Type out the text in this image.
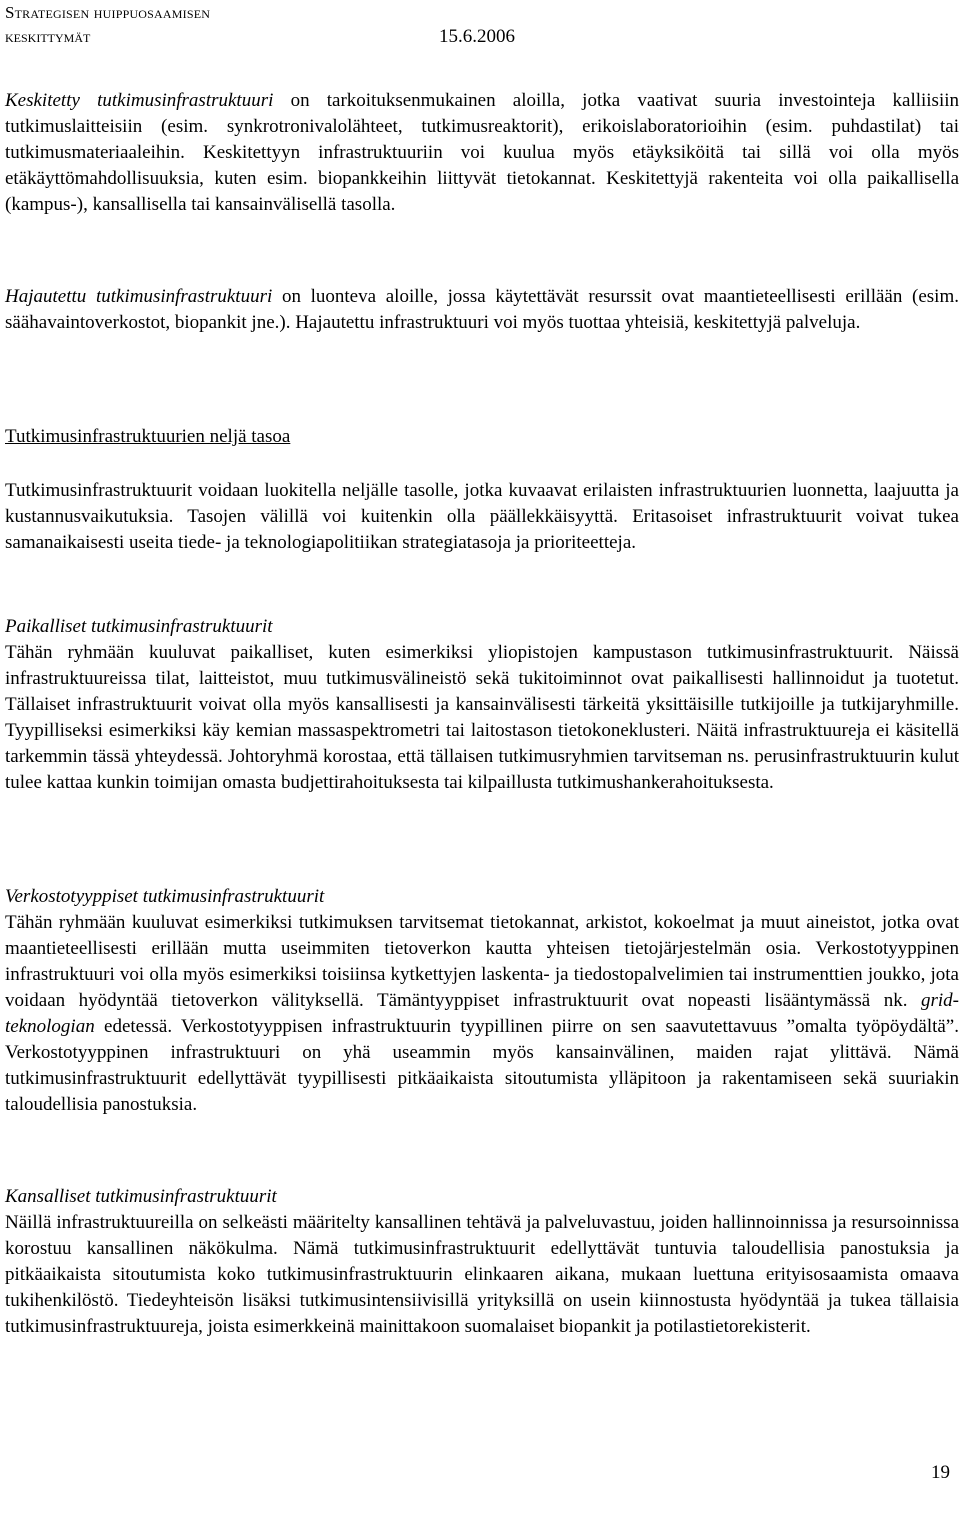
Strategisen huippuosaamisen
keskittymät	15.6.2006

Keskitetty tutkimusinfrastruktuuri on tarkoituksenmukainen aloilla, jotka vaativat suuria investointeja kalliisiin tutkimuslaitteisiin (esim. synkrotronivalolähteet, tutkimusreaktorit), erikoislaboratorioihin (esim. puhdastilat) tai tutkimusmateriaaleihin. Keskitettyyn infrastruktuuriin voi kuulua myös etäyksiköitä tai sillä voi olla myös etäkäyttömahdollisuuksia, kuten esim. biopankkeihin liittyvät tietokannat. Keskitettyjä rakenteita voi olla paikallisella (kampus-), kansallisella tai kansainvälisellä tasolla.

Hajautettu tutkimusinfrastruktuuri on luonteva aloille, jossa käytettävät resurssit ovat maantieteellisesti erillään (esim. säähavaintoverkostot, biopankit jne.). Hajautettu infrastruktuuri voi myös tuottaa yhteisiä, keskitettyjä palveluja.

Tutkimusinfrastruktuurien neljä tasoa

Tutkimusinfrastruktuurit voidaan luokitella neljälle tasolle, jotka kuvaavat erilaisten infrastruktuurien luonnetta, laajuutta ja kustannusvaikutuksia. Tasojen välillä voi kuitenkin olla päällekkäisyyttä. Eritasoiset infrastruktuurit voivat tukea samanaikaisesti useita tiede- ja teknologiapolitiikan strategiatasoja ja prioriteetteja.

Paikalliset tutkimusinfrastruktuurit

Tähän ryhmään kuuluvat paikalliset, kuten esimerkiksi yliopistojen kampustason tutkimusinfrastruktuurit. Näissä infrastruktuureissa tilat, laitteistot, muu tutkimusvälineistö sekä tukitoiminnot ovat paikallisesti hallinnoidut ja tuotetut. Tällaiset infrastruktuurit voivat olla myös kansallisesti ja kansainvälisesti tärkeitä yksittäisille tutkijoille ja tutkijaryhmille. Tyypilliseksi esimerkiksi käy kemian massaspektrometri tai laitostason tietokoneklusteri. Näitä infrastruktuureja ei käsitellä tarkemmin tässä yhteydessä. Johtoryhmä korostaa, että tällaisen tutkimusryhmien tarvitseman ns. perusinfrastruktuurin kulut tulee kattaa kunkin toimijan omasta budjettirahoituksesta tai kilpaillusta tutkimushankerahoituksesta.

Verkostotyyppiset tutkimusinfrastruktuurit

Tähän ryhmään kuuluvat esimerkiksi tutkimuksen tarvitsemat tietokannat, arkistot, kokoelmat ja muut aineistot, jotka ovat maantieteellisesti erillään mutta useimmiten tietoverkon kautta yhteisen tietojärjestelmän osia. Verkostotyyppinen infrastruktuuri voi olla myös esimerkiksi toisiinsa kytkettyjen laskenta- ja tiedostopalvelimien tai instrumenttien joukko, jota voidaan hyödyntää tietoverkon välityksellä. Tämäntyyppiset infrastruktuurit ovat nopeasti lisääntymässä nk. grid-teknologian edetessä. Verkostotyyppisen infrastruktuurin tyypillinen piirre on sen saavutettavuus ”omalta työpöydältä”. Verkostotyyppinen infrastruktuuri on yhä useammin myös kansainvälinen, maiden rajat ylittävä. Nämä tutkimusinfrastruktuurit edellyttävät tyypillisesti pitkäaikaista sitoutumista ylläpitoon ja rakentamiseen sekä suuriakin taloudellisia panostuksia.

Kansalliset tutkimusinfrastruktuurit

Näillä infrastruktuureilla on selkeästi määritelty kansallinen tehtävä ja palveluvastuu, joiden hallinnoinnissa ja resursoinnissa korostuu kansallinen näkökulma. Nämä tutkimusinfrastruktuurit edellyttävät tuntuvia taloudellisia panostuksia ja pitkäaikaista sitoutumista koko tutkimusinfrastruktuurin elinkaaren aikana, mukaan luettuna erityisosaamista omaava tukihenkilöstö. Tiedeyhteisön lisäksi tutkimusintensiivisillä yrityksillä on usein kiinnostusta hyödyntää ja tukea tällaisia tutkimusinfrastruktuureja, joista esimerkkeinä mainittakoon suomalaiset biopankit ja potilastietorekisterit.

19
